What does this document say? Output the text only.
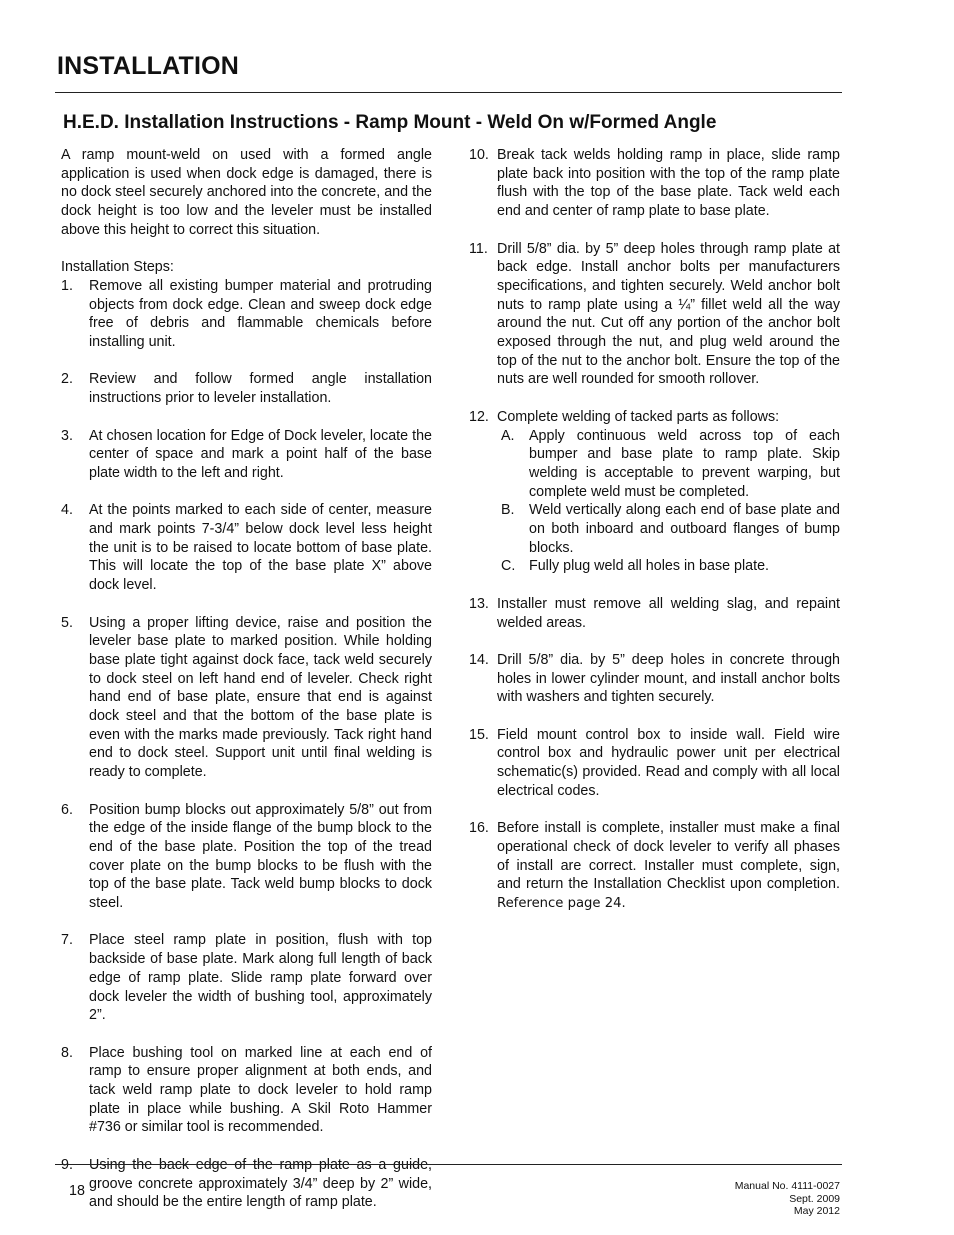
INSTALLATION
H.E.D. Installation Instructions - Ramp Mount - Weld On w/Formed Angle

A ramp mount-weld on used with a formed angle application is used when dock edge is damaged, there is no dock steel securely anchored into the concrete, and the dock height is too low and the leveler must be installed above this height to correct this situation.

Installation Steps:

1. Remove all existing bumper material and protruding objects from dock edge. Clean and sweep dock edge free of debris and flammable chemicals before installing unit.
2. Review and follow formed angle installation instructions prior to leveler installation.
3. At chosen location for Edge of Dock leveler, locate the center of space and mark a point half of the base plate width to the left and right.
4. At the points marked to each side of center, measure and mark points 7-3/4” below dock level less height the unit is to be raised to locate bottom of base plate. This will locate the top of the base plate X” above dock level.
5. Using a proper lifting device, raise and position the leveler base plate to marked position. While holding base plate tight against dock face, tack weld securely to dock steel on left hand end of leveler. Check right hand end of base plate, ensure that end is against dock steel and that the bottom of the base plate is even with the marks made previously. Tack right hand end to dock steel. Support unit until final welding is ready to complete.
6. Position bump blocks out approximately 5/8” out from the edge of the inside flange of the bump block to the end of the base plate. Position the top of the tread cover plate on the bump blocks to be flush with the top of the base plate. Tack weld bump blocks to dock steel.
7. Place steel ramp plate in position, flush with top backside of base plate. Mark along full length of back edge of ramp plate. Slide ramp plate forward over dock leveler the width of bushing tool, approximately 2”.
8. Place bushing tool on marked line at each end of ramp to ensure proper alignment at both ends, and tack weld ramp plate to dock leveler to hold ramp plate in place while bushing. A Skil Roto Hammer #736 or similar tool is recommended.
9. Using the back edge of the ramp plate as a guide, groove concrete approximately 3/4” deep by 2” wide, and should be the entire length of ramp plate.
10. Break tack welds holding ramp in place, slide ramp plate back into position with the top of the ramp plate flush with the top of the base plate. Tack weld each end and center of ramp plate to base plate.
11. Drill 5/8” dia. by 5” deep holes through ramp plate at back edge. Install anchor bolts per manufacturers specifications, and tighten securely. Weld anchor bolt nuts to ramp plate using a ¼” fillet weld all the way around the nut. Cut off any portion of the anchor bolt exposed through the nut, and plug weld around the top of the nut to the anchor bolt. Ensure the top of the nuts are well rounded for smooth rollover.
12. Complete welding of tacked parts as follows:
A. Apply continuous weld across top of each bumper and base plate to ramp plate. Skip welding is acceptable to prevent warping, but complete weld must be completed.
B. Weld vertically along each end of base plate and on both inboard and outboard flanges of bump blocks.
C. Fully plug weld all holes in base plate.
13. Installer must remove all welding slag, and repaint welded areas.
14. Drill 5/8” dia. by 5” deep holes in concrete through holes in lower cylinder mount, and install anchor bolts with washers and tighten securely.
15. Field mount control box to inside wall. Field wire control box and hydraulic power unit per electrical schematic(s) provided. Read and comply with all local electrical codes.
16. Before install is complete, installer must make a final operational check of dock leveler to verify all phases of install are correct. Installer must complete, sign, and return the Installation Checklist upon completion. Reference page 24.
18	Manual No. 4111-0027
Sept. 2009
May 2012
